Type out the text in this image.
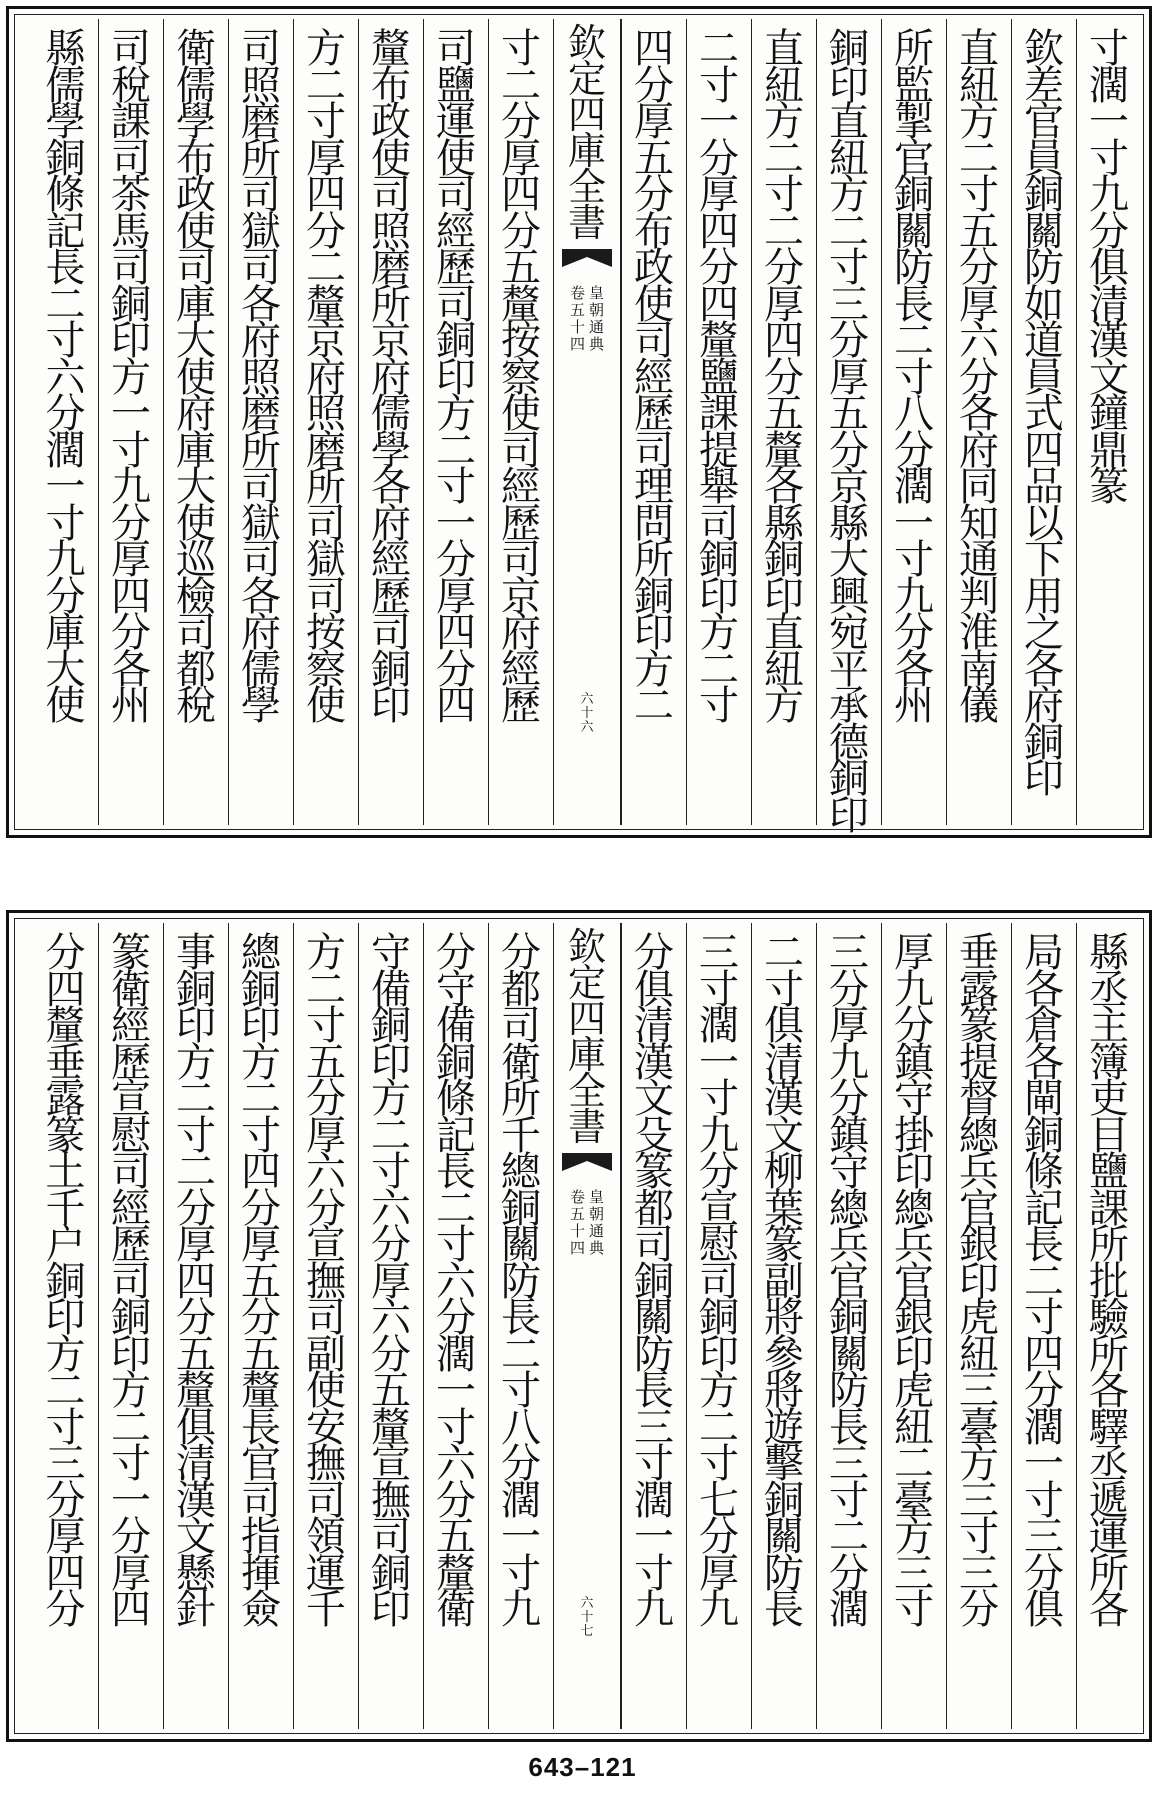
寸
濶
一
寸
九
分
俱
清
漢
文
鐘
鼎
篆
欽
差
官
員
銅
關
防
如
道
員
式
四
品
以
下
用
之
各
府
銅
印
直
紐
方
二
寸
五
分
厚
六
分
各
府
同
知
通
判
淮
南
儀
所
監
掣
官
銅
關
防
長
二
寸
八
分
濶
一
寸
九
分
各
州
銅
印
直
紐
方
二
寸
三
分
厚
五
分
京
縣
大
興
宛
平
承
德
銅
印
直
紐
方
二
寸
二
分
厚
四
分
五
釐
各
縣
銅
印
直
紐
方
二
寸
一
分
厚
四
分
四
釐
鹽
課
提
舉
司
銅
印
方
二
寸
四
分
厚
五
分
布
政
使
司
經
歷
司
理
問
所
銅
印
方
二
欽
定
四
庫
全
書
卷
五
十
四
皇
朝
通
典
六
十
六
寸
二
分
厚
四
分
五
釐
按
察
使
司
經
歷
司
京
府
經
歷
司
鹽
運
使
司
經
歷
司
銅
印
方
二
寸
一
分
厚
四
分
四
釐
布
政
使
司
照
磨
所
京
府
儒
學
各
府
經
歷
司
銅
印
方
二
寸
厚
四
分
二
釐
京
府
照
磨
所
司
獄
司
按
察
使
司
照
磨
所
司
獄
司
各
府
照
磨
所
司
獄
司
各
府
儒
學
衛
儒
學
布
政
使
司
庫
大
使
府
庫
大
使
巡
檢
司
都
稅
司
稅
課
司
茶
馬
司
銅
印
方
一
寸
九
分
厚
四
分
各
州
縣
儒
學
銅
條
記
長
二
寸
六
分
濶
一
寸
九
分
庫
大
使
縣
丞
主
簿
吏
目
鹽
課
所
批
驗
所
各
驛
丞
遞
運
所
各
局
各
倉
各
閘
銅
條
記
長
二
寸
四
分
濶
一
寸
三
分
俱
垂
露
篆
提
督
總
兵
官
銀
印
虎
紐
三
臺
方
三
寸
三
分
厚
九
分
鎮
守
掛
印
總
兵
官
銀
印
虎
紐
二
臺
方
三
寸
三
分
厚
九
分
鎮
守
總
兵
官
銅
關
防
長
三
寸
二
分
濶
二
寸
俱
清
漢
文
柳
葉
篆
副
將
參
將
遊
擊
銅
關
防
長
三
寸
濶
一
寸
九
分
宣
慰
司
銅
印
方
二
寸
七
分
厚
九
分
俱
清
漢
文
殳
篆
都
司
銅
關
防
長
三
寸
濶
一
寸
九
欽
定
四
庫
全
書
卷
五
十
四
皇
朝
通
典
六
十
七
分
都
司
衛
所
千
總
銅
關
防
長
二
寸
八
分
濶
一
寸
九
分
守
備
銅
條
記
長
二
寸
六
分
濶
一
寸
六
分
五
釐
衛
守
備
銅
印
方
二
寸
六
分
厚
六
分
五
釐
宣
撫
司
銅
印
方
二
寸
五
分
厚
六
分
宣
撫
司
副
使
安
撫
司
領
運
千
總
銅
印
方
二
寸
四
分
厚
五
分
五
釐
長
官
司
指
揮
僉
事
銅
印
方
二
寸
二
分
厚
四
分
五
釐
俱
清
漢
文
懸
針
篆
衛
經
歷
宣
慰
司
經
歷
司
銅
印
方
二
寸
一
分
厚
四
分
四
釐
垂
露
篆
土
千
户
銅
印
方
二
寸
三
分
厚
四
分
643–121
